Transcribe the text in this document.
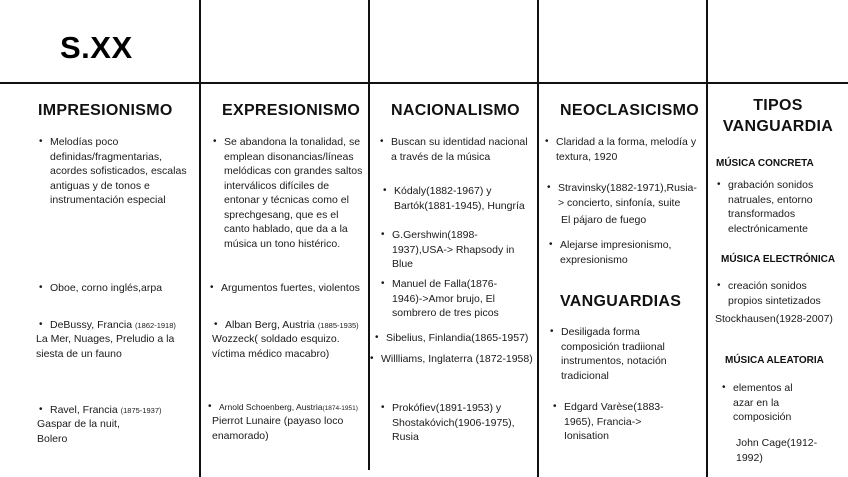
S.XX
IMPRESIONISMO
• Melodías poco definidas/fragmentarias, acordes sofisticados, escalas antiguas y de tonos e instrumentación especial
• Oboe, corno inglés,arpa
• DeBussy, Francia (1862-1918)
La Mer, Nuages, Preludio a la siesta de un fauno
• Ravel, Francia (1875-1937)
Gaspar de la nuit, Bolero
EXPRESIONISMO
• Se abandona la tonalidad, se emplean disonancias/líneas melódicas con grandes saltos interválicos difíciles de entonar y técnicas como el sprechgesang, que es el canto hablado, que da a la música un tono histérico.
• Argumentos fuertes, violentos
• Alban Berg, Austria (1885-1935)
Wozzeck( soldado esquizo. víctima médico macabro)
• Arnold Schoenberg, Austria(1874-1951)
Pierrot Lunaire (payaso loco enamorado)
NACIONALISMO
• Buscan su identidad nacional a través de la música
• Kódaly(1882-1967) y Bartók(1881-1945), Hungría
• G.Gershwin(1898-1937),USA-> Rhapsody in Blue
• Manuel de Falla(1876-1946)->Amor brujo, El sombrero de tres picos
• Sibelius, Finlandia(1865-1957)
• Willliams, Inglaterra (1872-1958)
• Prokófiev(1891-1953) y Shostakóvich(1906-1975), Rusia
NEOCLASICISMO
• Claridad a la forma, melodía y textura, 1920
• Stravinsky(1882-1971),Rusia-> concierto, sinfonía, suite
El pájaro de fuego
• Alejarse impresionismo, expresionismo
VANGUARDIAS
• Desiligada forma composición tradiional instrumentos, notación tradicional
• Edgard Varèse(1883-1965), Francia-> Ionisation
TIPOS VANGUARDIA
MÚSICA CONCRETA
• grabación sonidos natruales, entorno transformados electrónicamente
MÚSICA ELECTRÓNICA
• creación sonidos propios sintetizados
Stockhausen(1928-2007)
MÚSICA ALEATORIA
• elementos al azar en la composición
John Cage(1912-1992)
